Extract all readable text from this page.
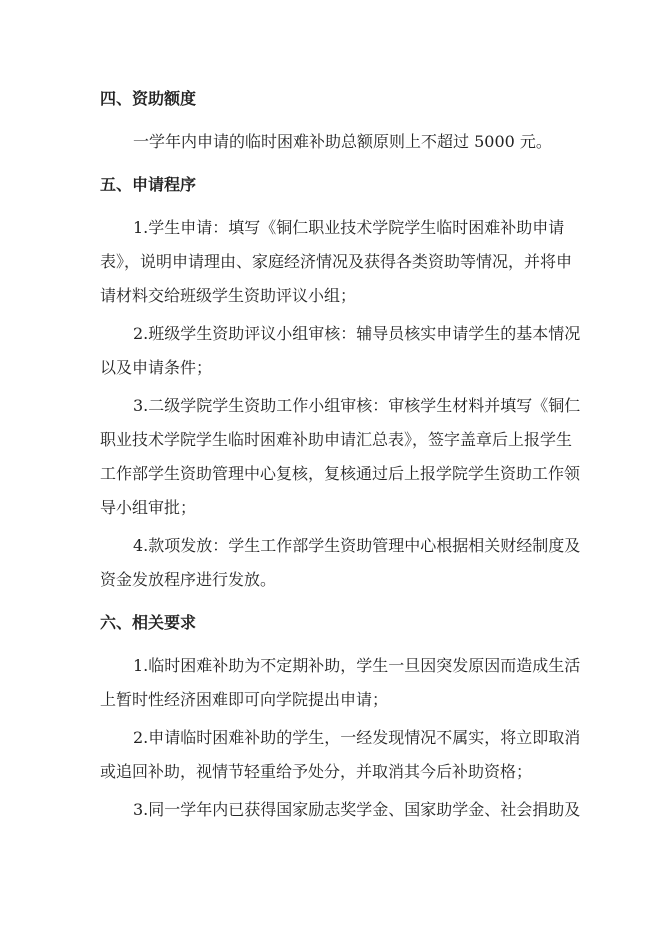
四、资助额度
一学年内申请的临时困难补助总额原则上不超过 5000 元。
五、申请程序
1.学生申请：填写《铜仁职业技术学院学生临时困难补助申请
表》，说明申请理由、家庭经济情况及获得各类资助等情况，并将申
请材料交给班级学生资助评议小组；
2.班级学生资助评议小组审核：辅导员核实申请学生的基本情况
以及申请条件；
3.二级学院学生资助工作小组审核：审核学生材料并填写《铜仁
职业技术学院学生临时困难补助申请汇总表》，签字盖章后上报学生
工作部学生资助管理中心复核，复核通过后上报学院学生资助工作领
导小组审批；
4.款项发放：学生工作部学生资助管理中心根据相关财经制度及
资金发放程序进行发放。
六、相关要求
1.临时困难补助为不定期补助，学生一旦因突发原因而造成生活
上暂时性经济困难即可向学院提出申请；
2.申请临时困难补助的学生，一经发现情况不属实，将立即取消
或追回补助，视情节轻重给予处分，并取消其今后补助资格；
3.同一学年内已获得国家励志奖学金、国家助学金、社会捐助及
